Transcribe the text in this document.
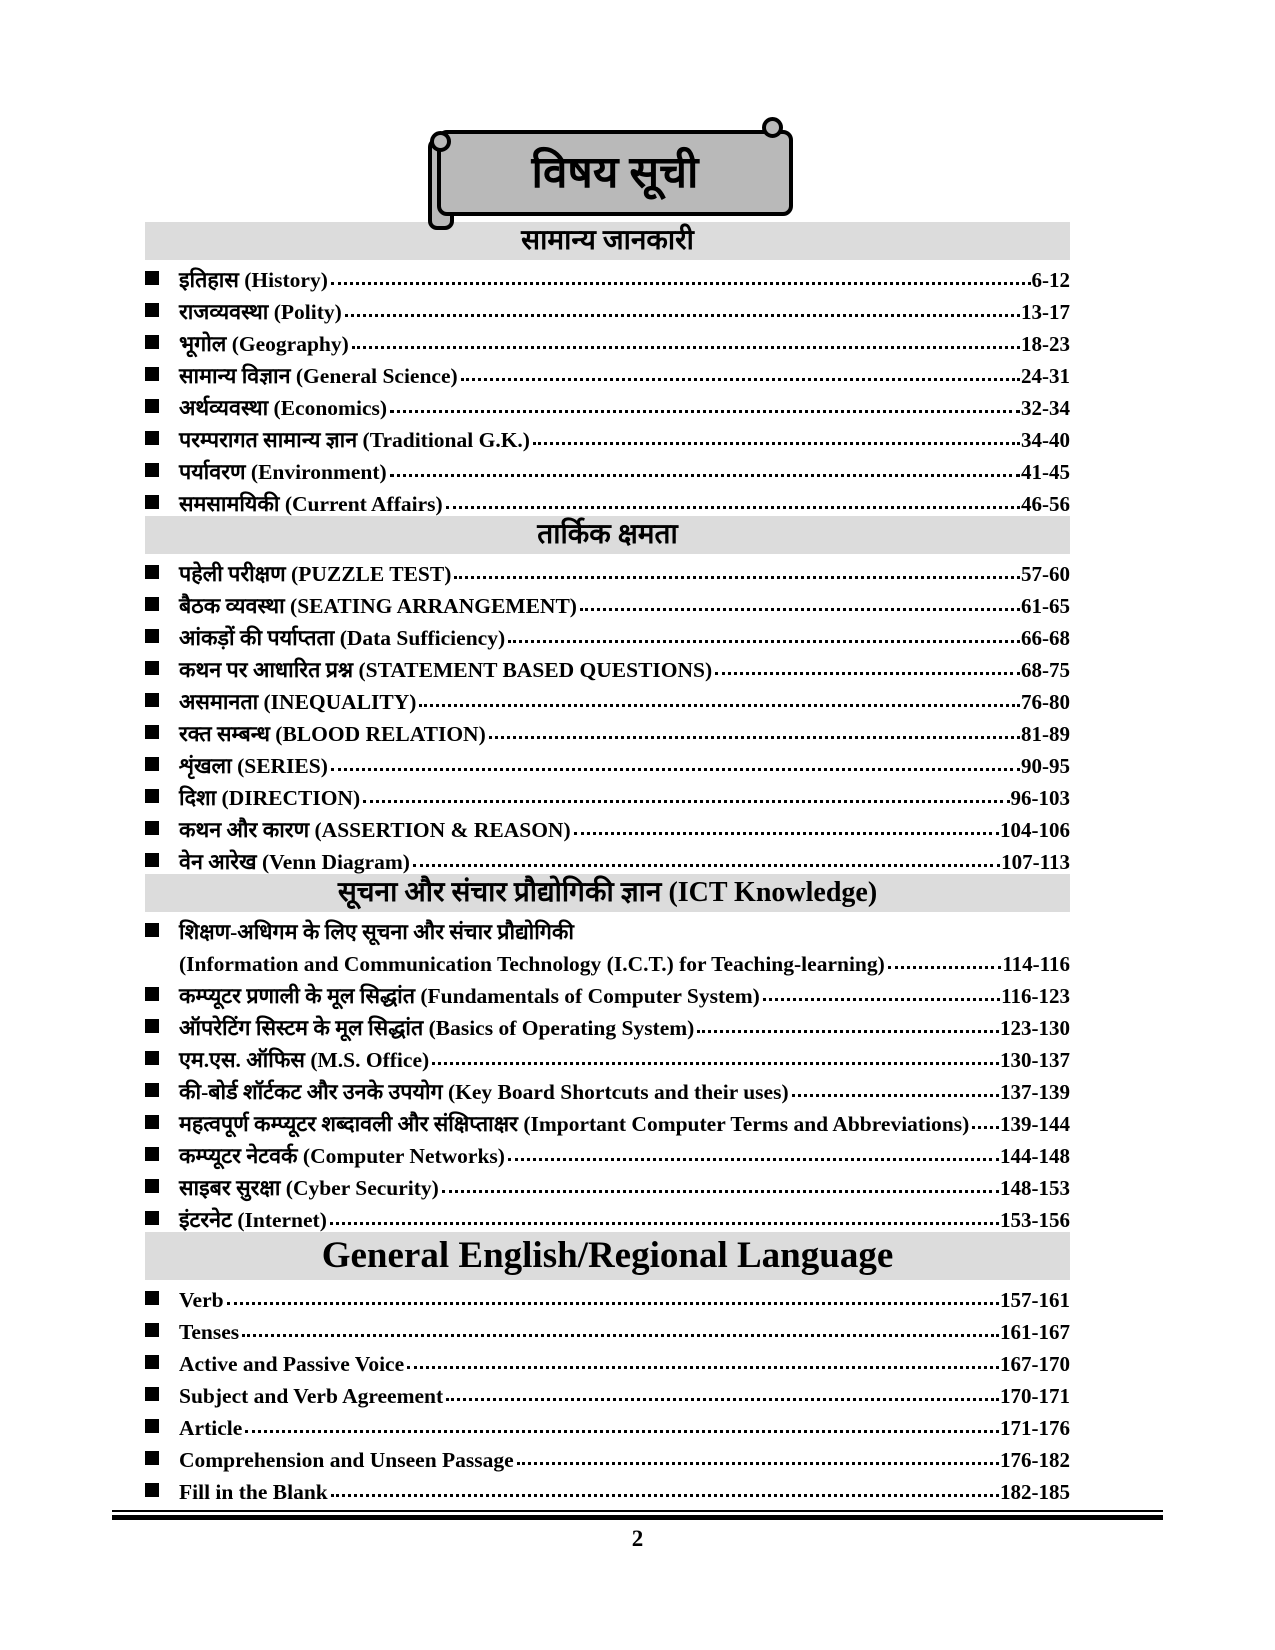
विषय सूची
सामान्य जानकारी
इतिहास (History)	6-12
राजव्यवस्था (Polity)	13-17
भूगोल (Geography)	18-23
सामान्य विज्ञान (General Science)	24-31
अर्थव्यवस्था (Economics)	32-34
परम्परागत सामान्य ज्ञान (Traditional G.K.)	34-40
पर्यावरण (Environment)	41-45
समसामयिकी (Current Affairs)	46-56
तार्किक क्षमता
पहेली परीक्षण (PUZZLE TEST)	57-60
बैठक व्यवस्था (SEATING ARRANGEMENT)	61-65
आंकड़ों की पर्याप्तता (Data Sufficiency)	66-68
कथन पर आधारित प्रश्न (STATEMENT BASED QUESTIONS)	68-75
असमानता (INEQUALITY)	76-80
रक्त सम्बन्ध (BLOOD RELATION)	81-89
शृंखला (SERIES)	90-95
दिशा (DIRECTION)	96-103
कथन और कारण (ASSERTION & REASON)	104-106
वेन आरेख (Venn Diagram)	107-113
सूचना और संचार प्रौद्योगिकी ज्ञान (ICT Knowledge)
शिक्षण-अधिगम के लिए सूचना और संचार प्रौद्योगिकी
(Information and Communication Technology (I.C.T.) for Teaching-learning)	114-116
कम्प्यूटर प्रणाली के मूल सिद्धांत (Fundamentals of Computer System)	116-123
ऑपरेटिंग सिस्टम के मूल सिद्धांत (Basics of Operating System)	123-130
एम.एस. ऑफिस (M.S. Office)	130-137
की-बोर्ड शॉर्टकट और उनके उपयोग (Key Board Shortcuts and their uses)	137-139
महत्वपूर्ण कम्प्यूटर शब्दावली और संक्षिप्ताक्षर (Important Computer Terms and Abbreviations) 139-144
कम्प्यूटर नेटवर्क (Computer Networks)	144-148
साइबर सुरक्षा (Cyber Security)	148-153
इंटरनेट (Internet)	153-156
General English/Regional Language
Verb	157-161
Tenses	161-167
Active and Passive Voice	167-170
Subject and Verb Agreement	170-171
Article	171-176
Comprehension and Unseen Passage	176-182
Fill in the Blank	182-185
2
